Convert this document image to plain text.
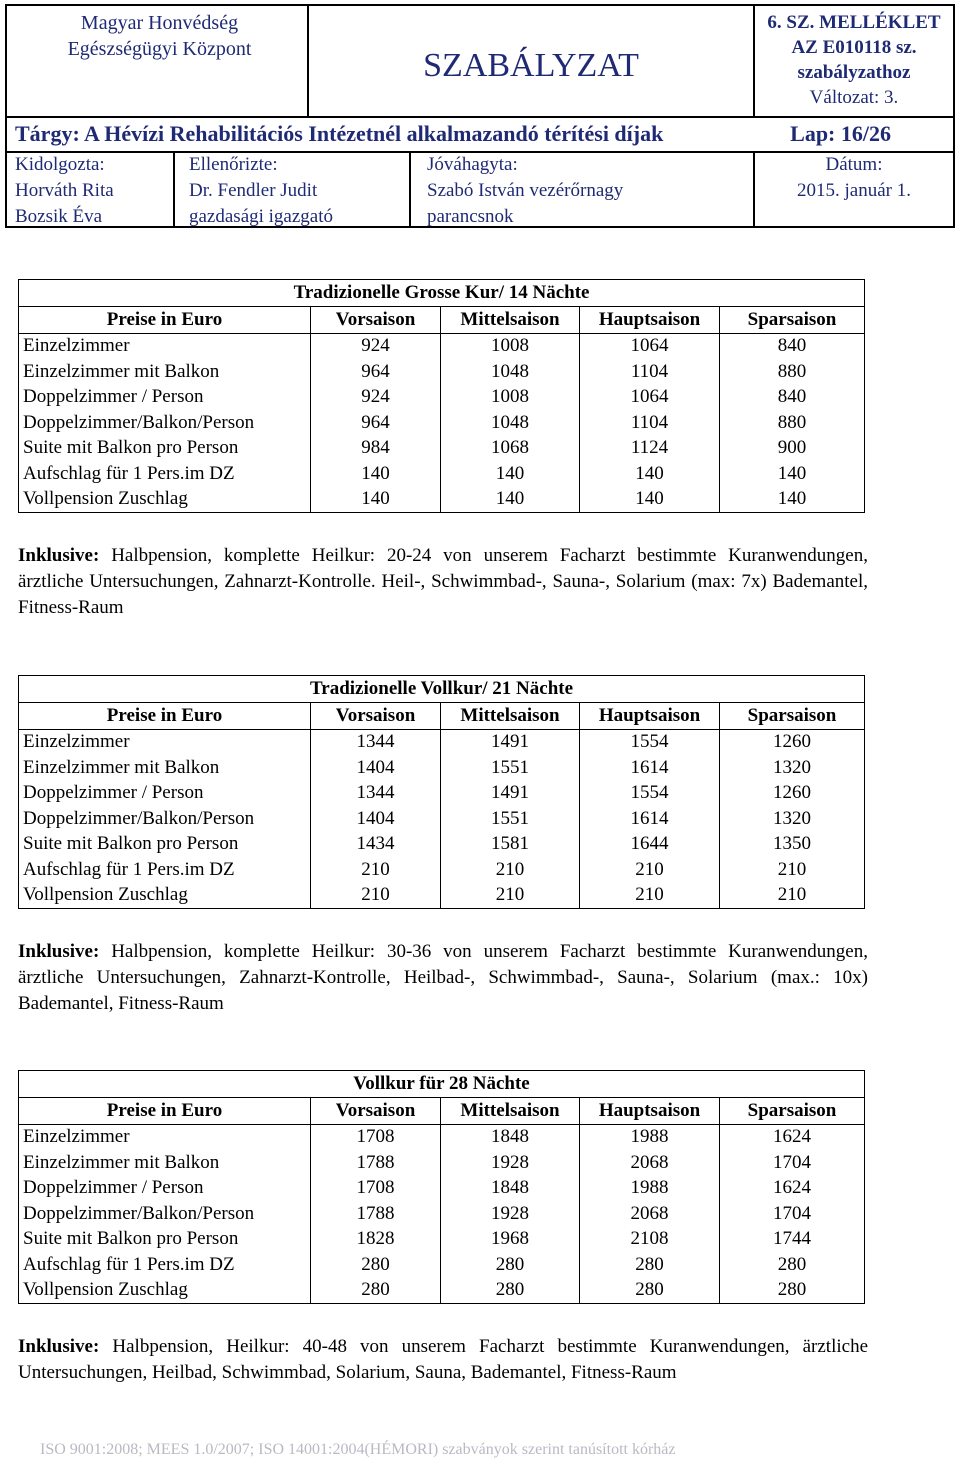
Magyar Honvédség
Egészségügyi Központ	SZABÁLYZAT
6. SZ. MELLÉKLET
AZ E010118 sz.
szabályzathoz
Változat: 3.
Tárgy: A Hévízi Rehabilitációs Intézetnél alkalmazandó térítési díjak	Lap: 16/26
Kidolgozta:
Horváth Rita
Bozsik Éva
Ellenőrizte:
Dr. Fendler Judit
gazdasági igazgató
Jóváhagyta:
Szabó István vezérőrnagy
parancsnok
Dátum:
2015. január 1.
Tradizionelle Grosse Kur/ 14 Nächte				
Preise in Euro	Vorsaison	Mittelsaison	Hauptsaison	Sparsaison
Einzelzimmer	924	1008	1064	840
Einzelzimmer mit Balkon	964	1048	1104	880
Doppelzimmer / Person	924	1008	1064	840
Doppelzimmer/Balkon/Person	964	1048	1104	880
Suite mit Balkon pro Person	984	1068	1124	900
Aufschlag für 1 Pers.im DZ	140	140	140	140
Vollpension Zuschlag	140	140	140	140
Inklusive: Halbpension, komplette Heilkur: 20-24 von unserem Facharzt bestimmte Kuranwendungen, ärztliche Untersuchungen, Zahnarzt-Kontrolle. Heil-, Schwimmbad-, Sauna-, Solarium (max: 7x) Bademantel, Fitness-Raum
Tradizionelle Vollkur/ 21 Nächte				
Preise in Euro	Vorsaison	Mittelsaison	Hauptsaison	Sparsaison
Einzelzimmer	1344	1491	1554	1260
Einzelzimmer mit Balkon	1404	1551	1614	1320
Doppelzimmer / Person	1344	1491	1554	1260
Doppelzimmer/Balkon/Person	1404	1551	1614	1320
Suite mit Balkon pro Person	1434	1581	1644	1350
Aufschlag für 1 Pers.im DZ	210	210	210	210
Vollpension Zuschlag	210	210	210	210
Inklusive: Halbpension, komplette Heilkur: 30-36 von unserem Facharzt bestimmte Kuranwendungen, ärztliche Untersuchungen, Zahnarzt-Kontrolle, Heilbad-, Schwimmbad-, Sauna-, Solarium (max.: 10x) Bademantel, Fitness-Raum
Vollkur für 28 Nächte				
Preise in Euro	Vorsaison	Mittelsaison	Hauptsaison	Sparsaison
Einzelzimmer	1708	1848	1988	1624
Einzelzimmer mit Balkon	1788	1928	2068	1704
Doppelzimmer / Person	1708	1848	1988	1624
Doppelzimmer/Balkon/Person	1788	1928	2068	1704
Suite mit Balkon pro Person	1828	1968	2108	1744
Aufschlag für 1 Pers.im DZ	280	280	280	280
Vollpension Zuschlag	280	280	280	280
Inklusive: Halbpension, Heilkur: 40-48 von unserem Facharzt bestimmte Kuranwendungen, ärztliche Untersuchungen, Heilbad, Schwimmbad, Solarium, Sauna, Bademantel, Fitness-Raum
ISO 9001:2008; MEES 1.0/2007; ISO 14001:2004(HÉMORI) szabványok szerint tanúsított kórház
